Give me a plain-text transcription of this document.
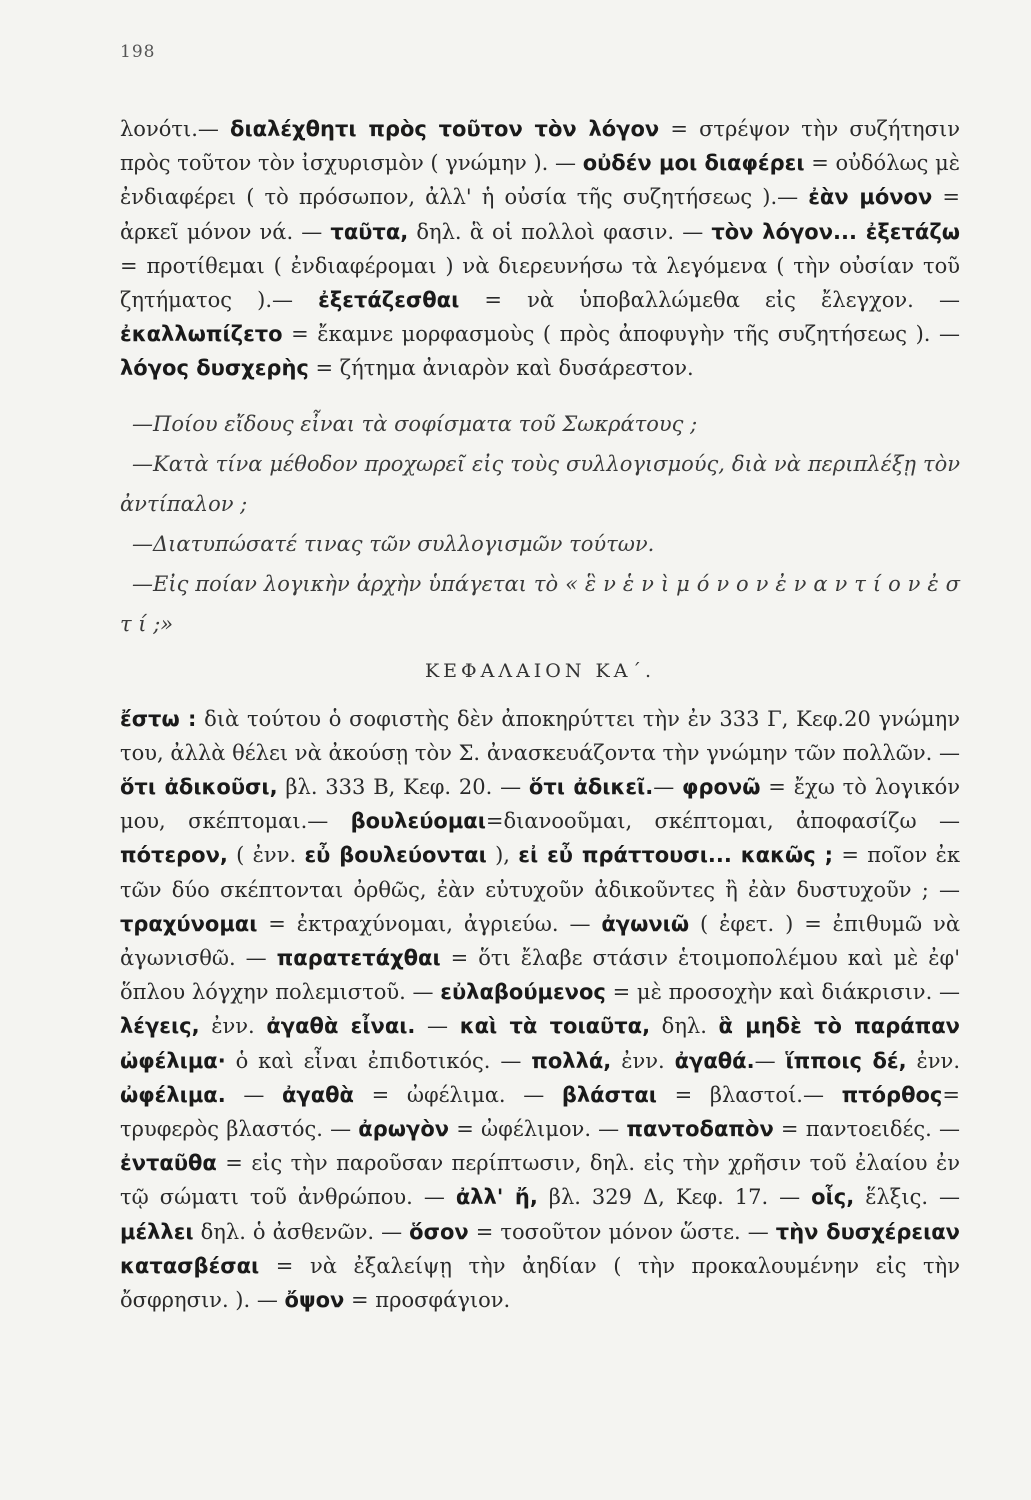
198

λονότι.— διαλέχθητι πρὸς τοῦτον τὸν λόγον = στρέψον τὴν συζήτησιν πρὸς τοῦτον τὸν ἰσχυρισμὸν ( γνώμην ). — οὐδέν μοι διαφέρει = οὐδόλως μὲ ἐνδιαφέρει ( τὸ πρόσωπον, ἀλλ' ἡ οὐσία τῆς συζητήσεως ).— ἐὰν μόνον = ἀρκεῖ μόνον νά. — ταῦτα, δηλ. ἃ οἱ πολλοὶ φασιν. — τὸν λόγον... ἐξετάζω = προτίθεμαι ( ἐνδιαφέρομαι ) νὰ διερευνήσω τὰ λεγόμενα ( τὴν οὐσίαν τοῦ ζητήματος ).— ἐξετάζεσθαι = νὰ ὑποβαλλώμεθα εἰς ἔλεγχον. — ἐκαλλωπίζετο = ἔκαμνε μορφασμοὺς ( πρὸς ἀποφυγὴν τῆς συζητήσεως ). — λόγος δυσχερὴς = ζήτημα ἀνιαρὸν καὶ δυσάρεστον.

—Ποίου εἴδους εἶναι τὰ σοφίσματα τοῦ Σωκράτους ;

—Κατὰ τίνα μέθοδον προχωρεῖ εἰς τοὺς συλλογισμούς, διὰ νὰ περιπλέξῃ τὸν ἀντίπαλον ;

—Διατυπώσατέ τινας τῶν συλλογισμῶν τούτων.

—Εἰς ποίαν λογικὴν ἀρχὴν ὑπάγεται τὸ « ἓ ν ἑ ν ὶ μ ό ν ο ν ἐ ν α ν τ ί ο ν ἐ σ τ ί ;»

ΚΕΦΑΛΑΙΟΝ ΚΑ΄.

ἔστω : διὰ τούτου ὁ σοφιστὴς δὲν ἀποκηρύττει τὴν ἐν 333 Γ, Κεφ.20 γνώμην του, ἀλλὰ θέλει νὰ ἀκούσῃ τὸν Σ. ἀνασκευάζοντα τὴν γνώμην τῶν πολλῶν. — ὅτι ἀδικοῦσι, βλ. 333 Β, Κεφ. 20. — ὅτι ἀδικεῖ.— φρονῶ = ἔχω τὸ λογικόν μου, σκέπτομαι.— βουλεύομαι=διανοοῦμαι, σκέπτομαι, ἀποφασίζω — πότερον, ( ἐνν. εὖ βουλεύονται ), εἰ εὖ πράττουσι... κακῶς ; = ποῖον ἐκ τῶν δύο σκέπτονται ὀρθῶς, ἐὰν εὐτυχοῦν ἀδικοῦντες ἢ ἐὰν δυστυχοῦν ; — τραχύνομαι = ἐκτραχύνομαι, ἀγριεύω. — ἀγωνιῶ ( ἐφετ. ) = ἐπιθυμῶ νὰ ἀγωνισθῶ. — παρατετάχθαι = ὅτι ἔλαβε στάσιν ἑτοιμοπολέμου καὶ μὲ ἐφ' ὅπλου λόγχην πολεμιστοῦ. — εὐλαβούμενος = μὲ προσοχὴν καὶ διάκρισιν. — λέγεις, ἐνν. ἀγαθὰ εἶναι. — καὶ τὰ τοιαῦτα, δηλ. ἃ μηδὲ τὸ παράπαν ὠφέλιμα· ὁ καὶ εἶναι ἐπιδοτικός. — πολλά, ἐνν. ἀγαθά.— ἵπποις δέ, ἐνν. ὠφέλιμα. — ἀγαθὰ = ὠφέλιμα. — βλάσται = βλαστοί.— πτόρθος= τρυφερὸς βλαστός. — ἀρωγὸν = ὠφέλιμον. — παντοδαπὸν = παντοειδές. — ἐνταῦθα = εἰς τὴν παροῦσαν περίπτωσιν, δηλ. εἰς τὴν χρῆσιν τοῦ ἐλαίου ἐν τῷ σώματι τοῦ ἀνθρώπου. — ἀλλ' ἤ, βλ. 329 Δ, Κεφ. 17. — οἷς, ἕλξις. — μέλλει δηλ. ὁ ἀσθενῶν. — ὅσον = τοσοῦτον μόνον ὥστε. — τὴν δυσχέρειαν κατασβέσαι = νὰ ἐξαλείψῃ τὴν ἀηδίαν ( τὴν προκαλουμένην εἰς τὴν ὄσφρησιν. ). — ὄψον = προσφάγιον.
